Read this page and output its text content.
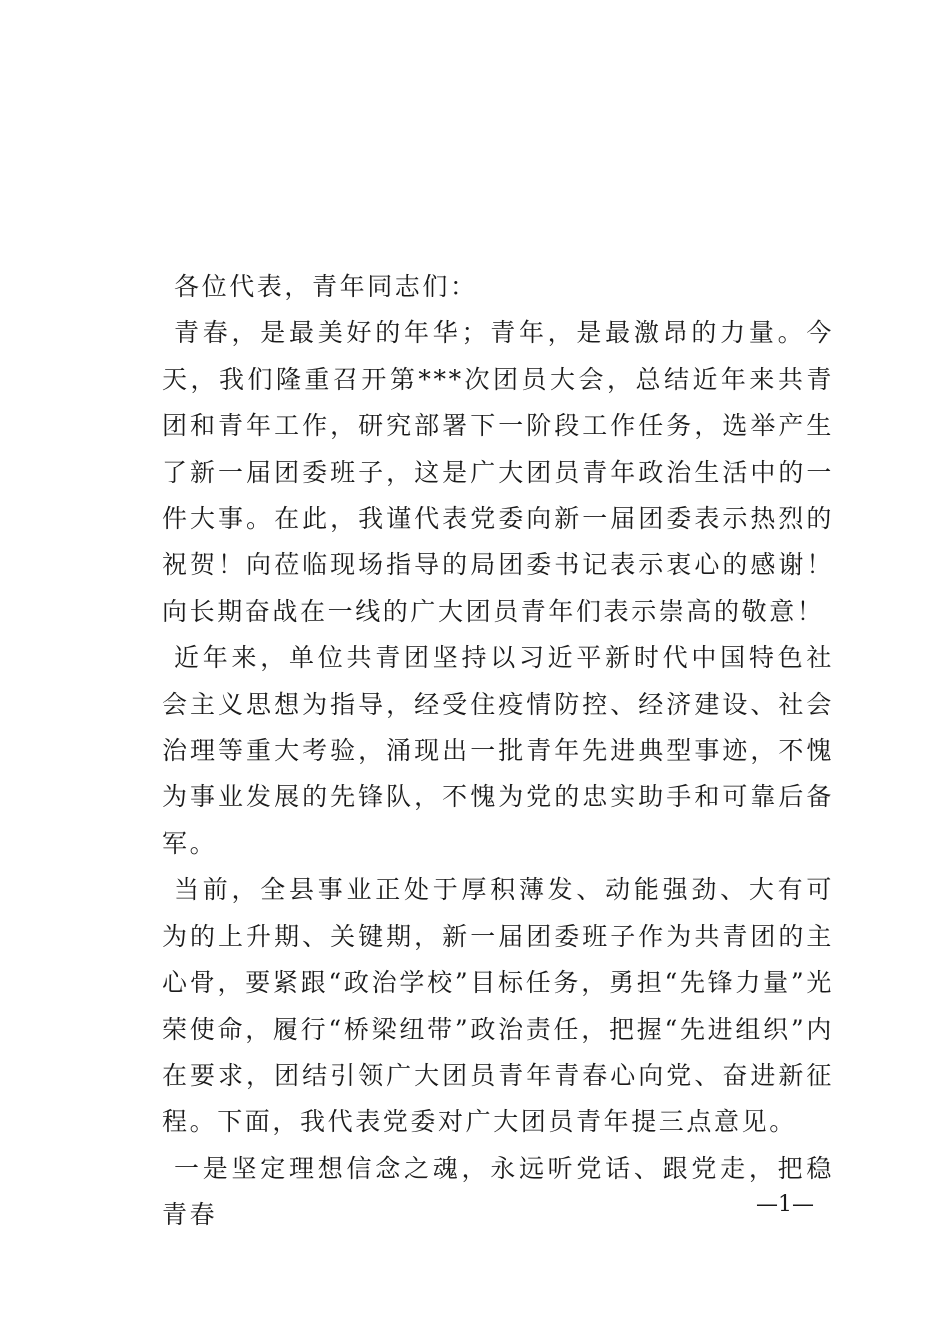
各位代表，青年同志们：

青春，是最美好的年华；青年，是最激昂的力量。今天，我们隆重召开第***次团员大会，总结近年来共青团和青年工作，研究部署下一阶段工作任务，选举产生了新一届团委班子，这是广大团员青年政治生活中的一件大事。在此，我谨代表党委向新一届团委表示热烈的祝贺！向莅临现场指导的局团委书记表示衷心的感谢！向长期奋战在一线的广大团员青年们表示崇高的敬意！

近年来，单位共青团坚持以习近平新时代中国特色社会主义思想为指导，经受住疫情防控、经济建设、社会治理等重大考验，涌现出一批青年先进典型事迹，不愧为事业发展的先锋队，不愧为党的忠实助手和可靠后备军。

当前，全县事业正处于厚积薄发、动能强劲、大有可为的上升期、关键期，新一届团委班子作为共青团的主心骨，要紧跟“政治学校”目标任务，勇担“先锋力量”光荣使命，履行“桥梁纽带”政治责任，把握“先进组织”内在要求，团结引领广大团员青年青春心向党、奋进新征程。下面，我代表党委对广大团员青年提三点意见。

一是坚定理想信念之魂，永远听党话、跟党走，把稳青春	—1—
